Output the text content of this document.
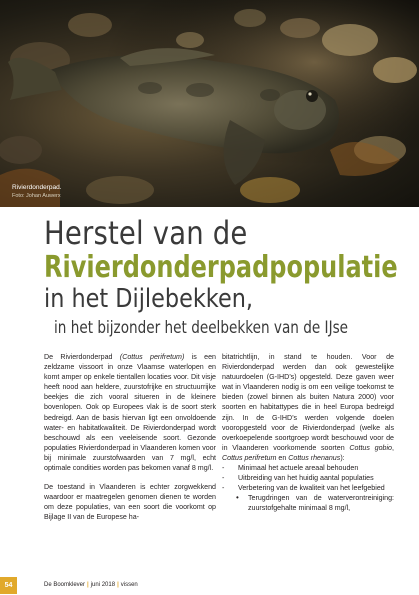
Rivierdonderpad.
Foto: Johan Auwerx
Herstel van de
Rivierdonderpadpopulatie
in het Dijlebekken,
in het bijzonder het deelbekken van de IJse

De Rivierdonderpad (Cottus perifretum) is een zeldzame vissoort in onze Vlaamse waterlopen en komt amper op enkele tientallen locaties voor. Dit visje heeft nood aan heldere, zuurstofrijke en structuurrijke beekjes die zich vooral situeren in de kleinere bovenlopen. Ook op Europees vlak is de soort sterk bedreigd. Aan de basis hiervan ligt een onvoldoende water- en habitatkwaliteit. De Rivierdonderpad wordt beschouwd als een veeleisende soort. Gezonde populaties Rivierdonderpad in Vlaanderen komen voor bij minimale zuurstofwaarden van 7 mg/l, echt optimale condities worden pas bekomen vanaf 8 mg/l.

De toestand in Vlaanderen is echter zorgwekkend waardoor er maatregelen genomen dienen te worden om deze populaties, van een soort die voorkomt op Bijlage II van de Europese ha-

bitatrichtlijn, in stand te houden. Voor de Rivierdonderpad werden dan ook gewestelijke natuurdoelen (G-IHD’s) opgesteld. Deze gaven weer wat in Vlaanderen nodig is om een veilige toekomst te bieden (zowel binnen als buiten Natura 2000) voor soorten en habitattypes die in heel Europa bedreigd zijn. In de G-IHD’s werden volgende doelen vooropgesteld voor de Rivierdonderpad (welke als overkoepelende soortgroep wordt beschouwd voor de in Vlaanderen voorkomende soorten Cottus gobio, Cottus perifretum en Cottus rhenanus):

- Minimaal het actuele areaal behouden
- Uitbreiding van het huidig aantal populaties
- Verbetering van de kwaliteit van het leefgebied
• Terugdringen van de waterverontreiniging: zuurstofgehalte minimaal 8 mg/l,
54	De Boomklever | juni 2018 | vissen
